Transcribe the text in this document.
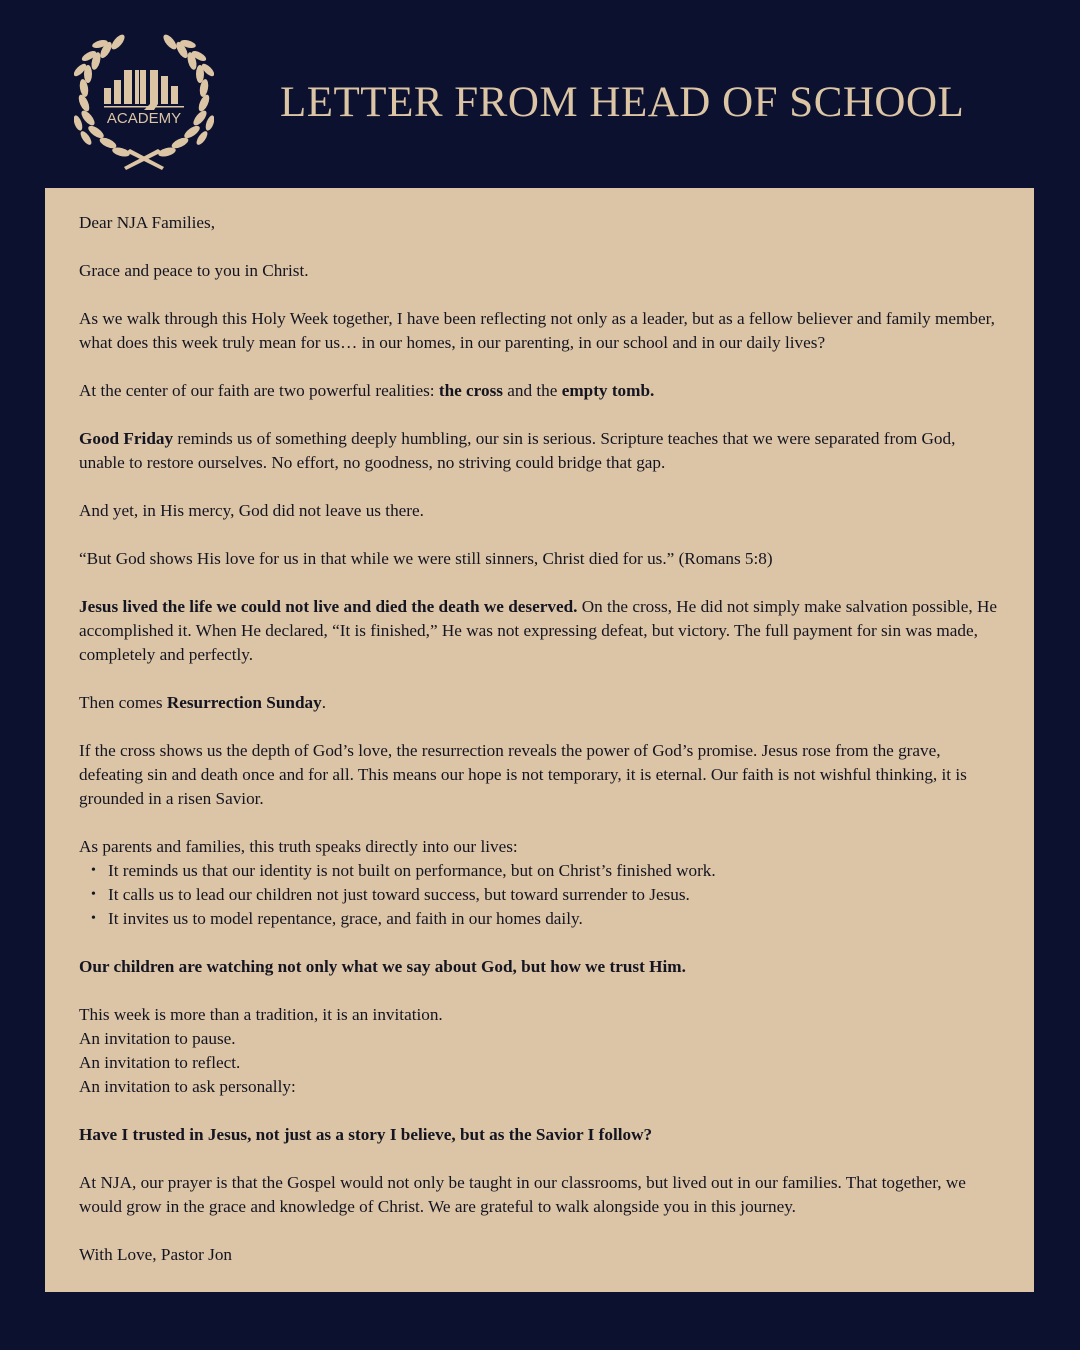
ACADEMY LETTER FROM HEAD OF SCHOOL

Dear NJA Families,

Grace and peace to you in Christ.

As we walk through this Holy Week together, I have been reflecting not only as a leader, but as a fellow believer and family member, what does this week truly mean for us… in our homes, in our parenting, in our school and in our daily lives?

At the center of our faith are two powerful realities: the cross and the empty tomb.

Good Friday reminds us of something deeply humbling, our sin is serious. Scripture teaches that we were separated from God, unable to restore ourselves. No effort, no goodness, no striving could bridge that gap.

And yet, in His mercy, God did not leave us there.

“But God shows His love for us in that while we were still sinners, Christ died for us.” (Romans 5:8)

Jesus lived the life we could not live and died the death we deserved. On the cross, He did not simply make salvation possible, He accomplished it. When He declared, “It is finished,” He was not expressing defeat, but victory. The full payment for sin was made, completely and perfectly.

Then comes Resurrection Sunday.

If the cross shows us the depth of God’s love, the resurrection reveals the power of God’s promise. Jesus rose from the grave, defeating sin and death once and for all. This means our hope is not temporary, it is eternal. Our faith is not wishful thinking, it is grounded in a risen Savior.

As parents and families, this truth speaks directly into our lives:

• It reminds us that our identity is not built on performance, but on Christ’s finished work.
• It calls us to lead our children not just toward success, but toward surrender to Jesus.
• It invites us to model repentance, grace, and faith in our homes daily.

Our children are watching not only what we say about God, but how we trust Him.

This week is more than a tradition, it is an invitation.
An invitation to pause.
An invitation to reflect.
An invitation to ask personally:

Have I trusted in Jesus, not just as a story I believe, but as the Savior I follow?

At NJA, our prayer is that the Gospel would not only be taught in our classrooms, but lived out in our families. That together, we would grow in the grace and knowledge of Christ. We are grateful to walk alongside you in this journey.

With Love, Pastor Jon
